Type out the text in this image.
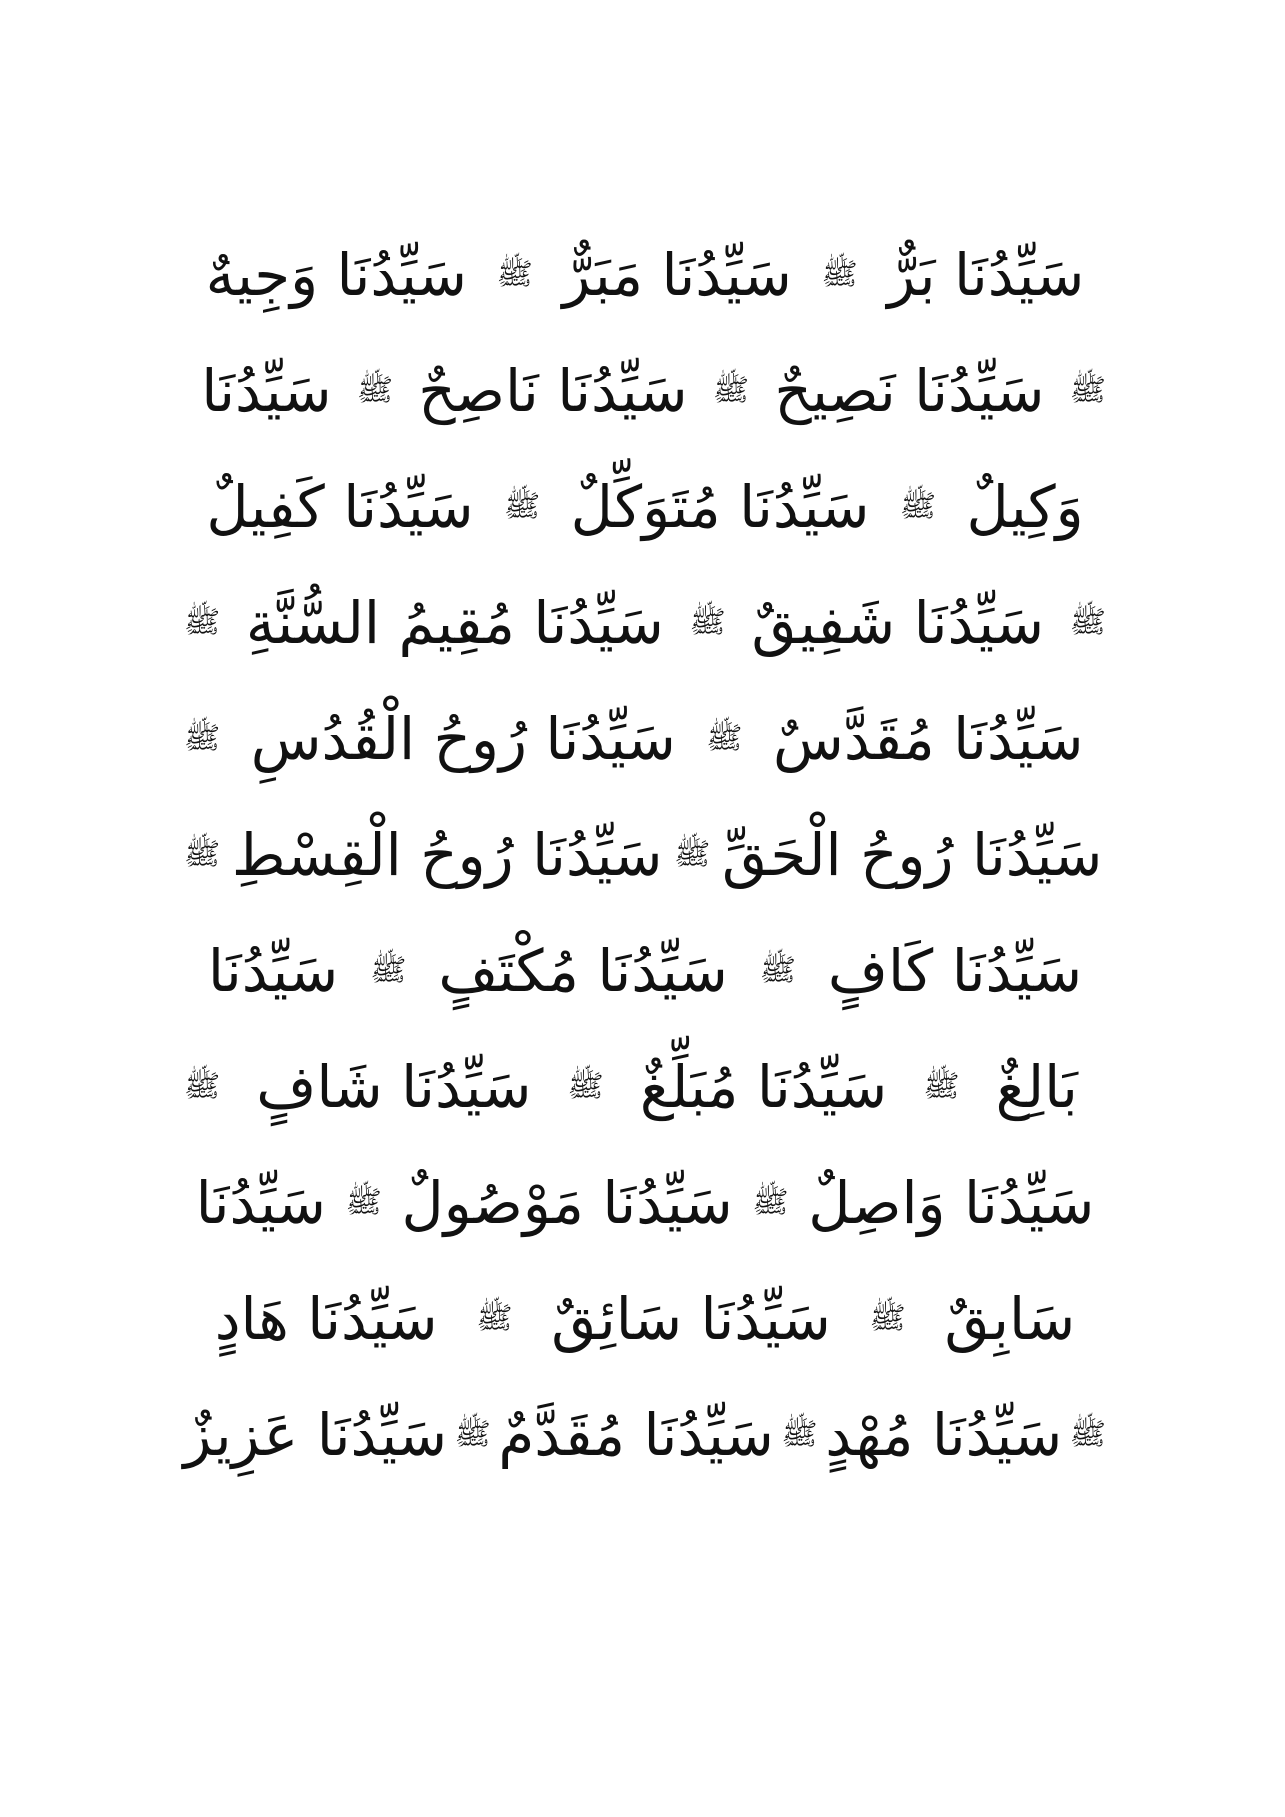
سَيِّدُنَا بَرٌّ
ﷺ
سَيِّدُنَا مَبَرٌّ
ﷺ
سَيِّدُنَا وَجِيهٌ
ﷺ
سَيِّدُنَا نَصِيحٌ
ﷺ
سَيِّدُنَا نَاصِحٌ
ﷺ
سَيِّدُنَا
وَكِيلٌ
ﷺ
سَيِّدُنَا مُتَوَكِّلٌ
ﷺ
سَيِّدُنَا كَفِيلٌ
ﷺ
سَيِّدُنَا شَفِيقٌ
ﷺ
سَيِّدُنَا مُقِيمُ السُّنَّةِ
ﷺ
سَيِّدُنَا مُقَدَّسٌ
ﷺ
سَيِّدُنَا رُوحُ الْقُدُسِ
ﷺ
سَيِّدُنَا رُوحُ الْحَقِّ
ﷺ
سَيِّدُنَا رُوحُ الْقِسْطِ
ﷺ
سَيِّدُنَا كَافٍ
ﷺ
سَيِّدُنَا مُكْتَفٍ
ﷺ
سَيِّدُنَا
بَالِغٌ
ﷺ
سَيِّدُنَا مُبَلِّغٌ
ﷺ
سَيِّدُنَا شَافٍ
ﷺ
سَيِّدُنَا وَاصِلٌ
ﷺ
سَيِّدُنَا مَوْصُولٌ
ﷺ
سَيِّدُنَا
سَابِقٌ
ﷺ
سَيِّدُنَا سَائِقٌ
ﷺ
سَيِّدُنَا هَادٍ
ﷺ
سَيِّدُنَا مُهْدٍ
ﷺ
سَيِّدُنَا مُقَدَّمٌ
ﷺ
سَيِّدُنَا عَزِيزٌ
